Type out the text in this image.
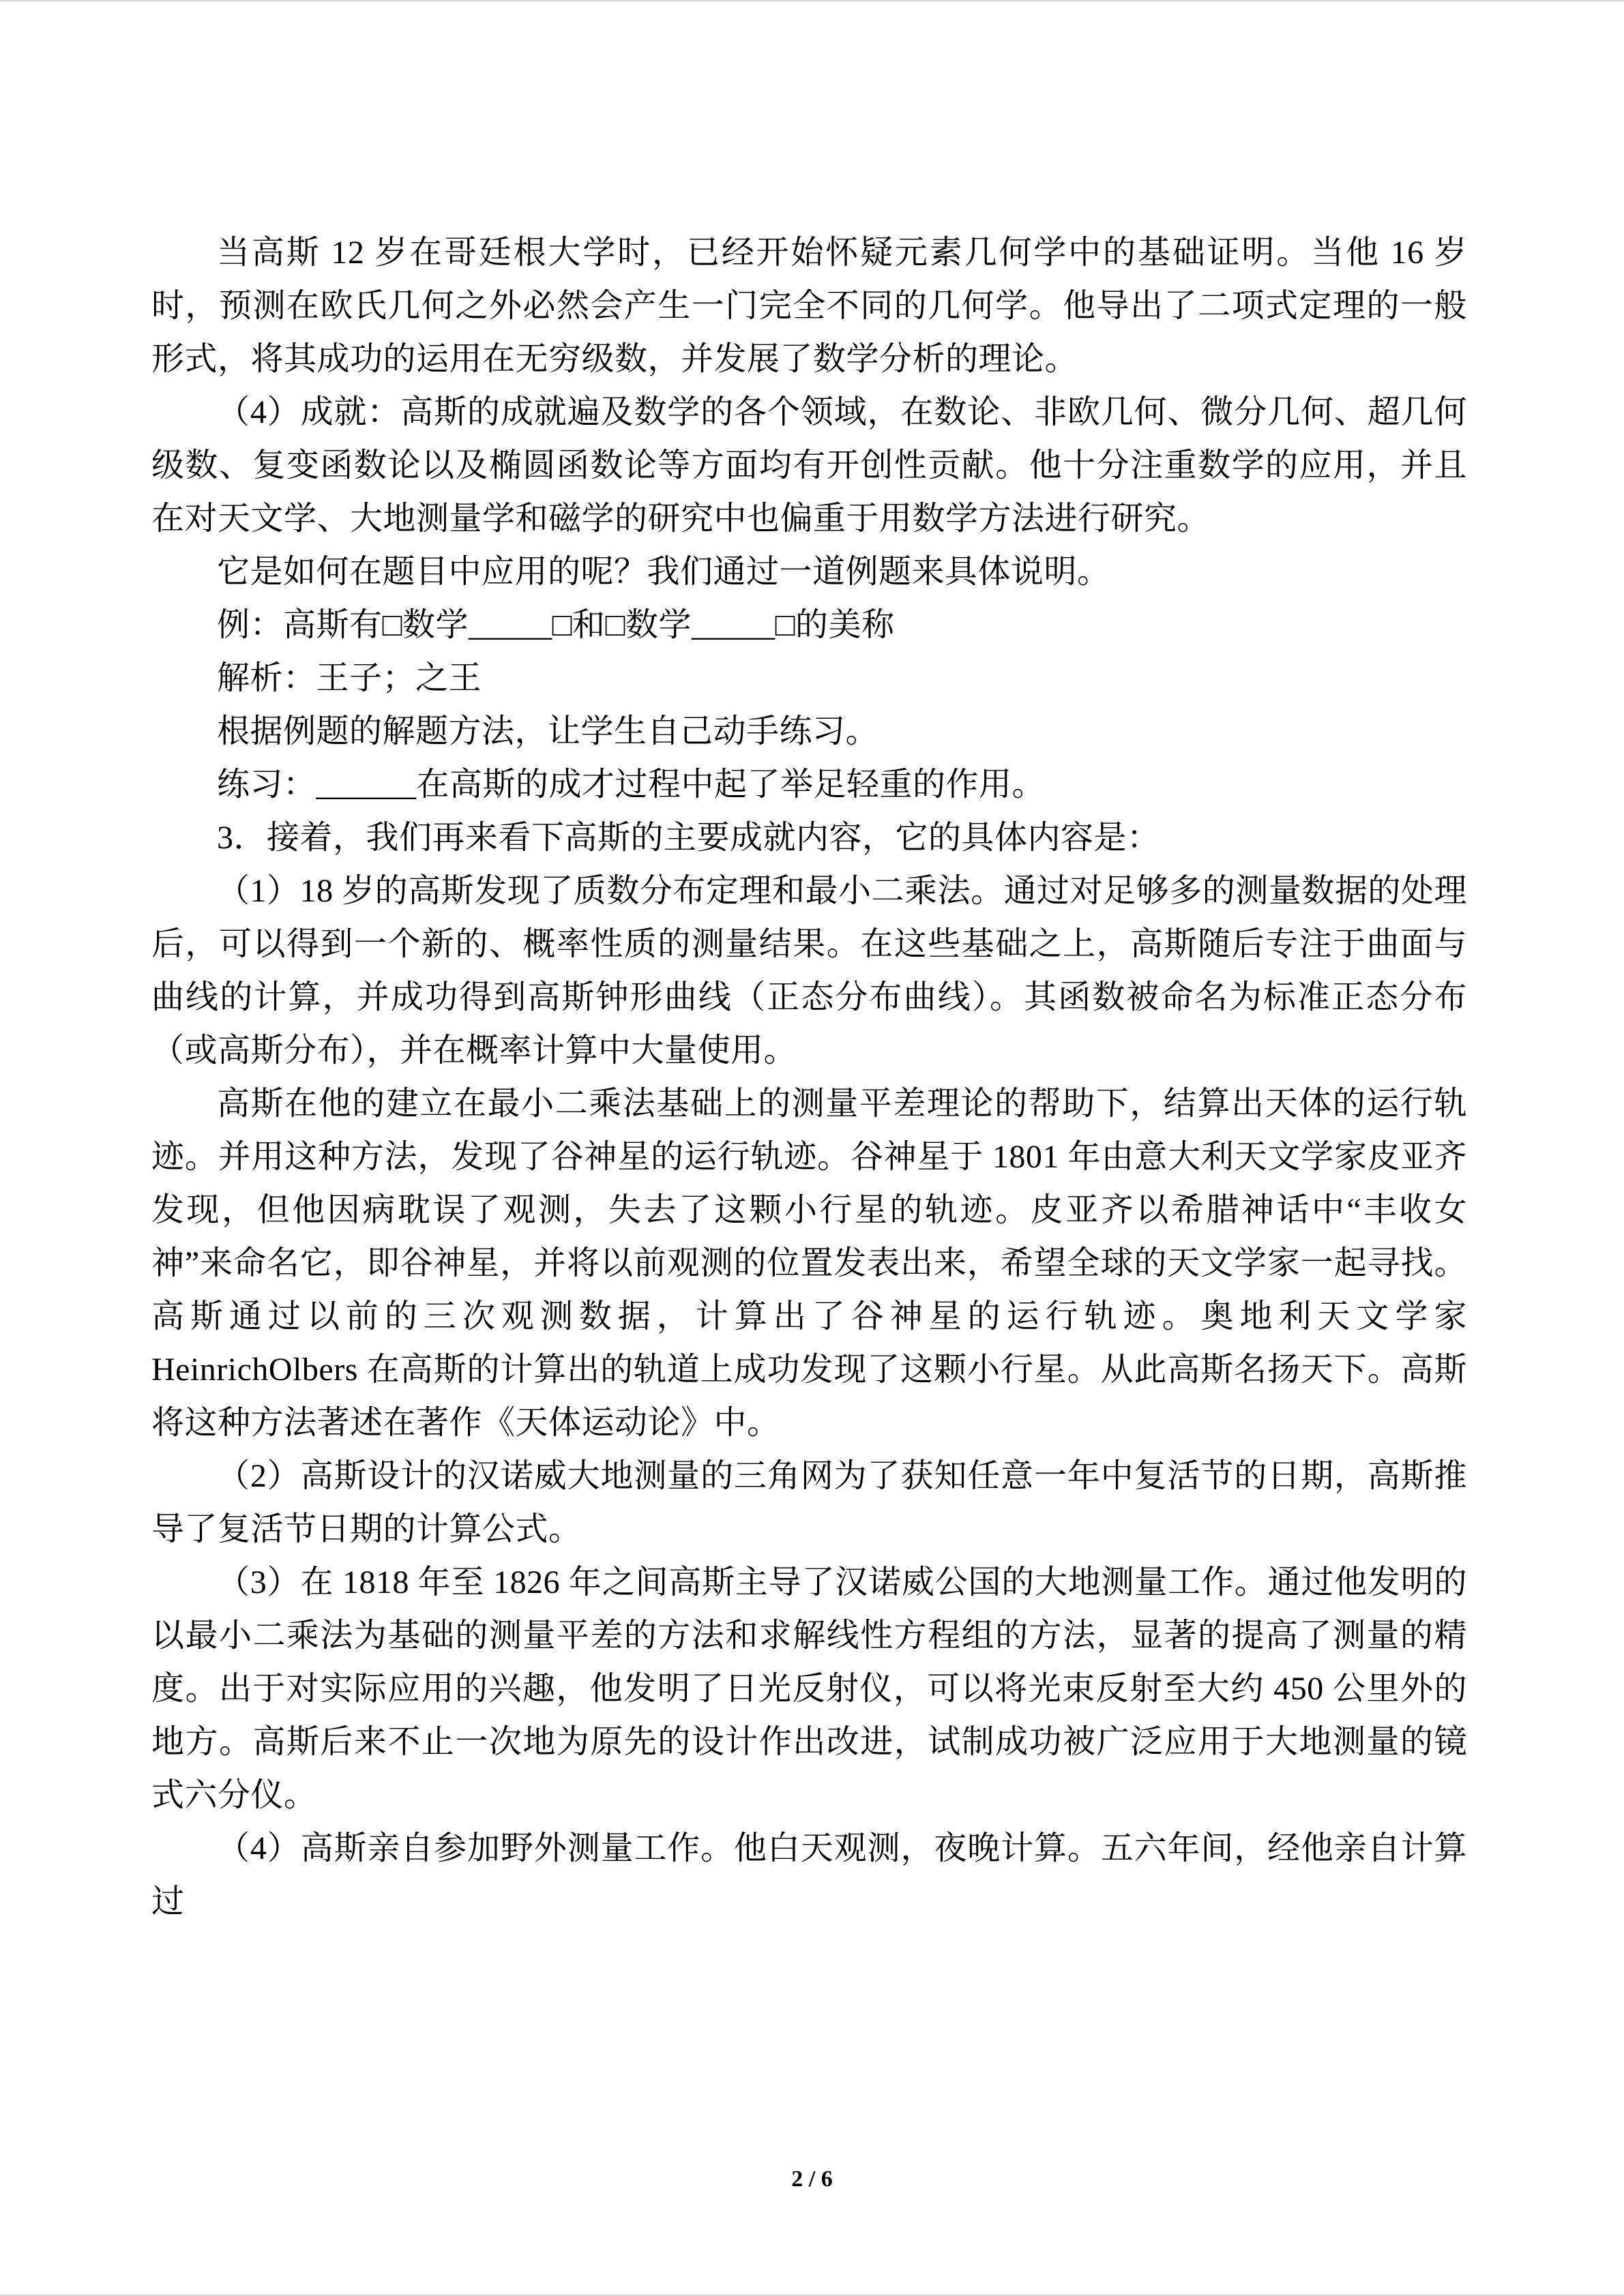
当高斯 12 岁在哥廷根大学时，已经开始怀疑元素几何学中的基础证明。当他 16 岁时，预测在欧氏几何之外必然会产生一门完全不同的几何学。他导出了二项式定理的一般形式，将其成功的运用在无穷级数，并发展了数学分析的理论。

（4）成就：高斯的成就遍及数学的各个领域，在数论、非欧几何、微分几何、超几何级数、复变函数论以及椭圆函数论等方面均有开创性贡献。他十分注重数学的应用，并且在对天文学、大地测量学和磁学的研究中也偏重于用数学方法进行研究。

它是如何在题目中应用的呢？我们通过一道例题来具体说明。

例：高斯有□数学_____□和□数学_____□的美称

解析：王子；之王

根据例题的解题方法，让学生自己动手练习。

练习：______在高斯的成才过程中起了举足轻重的作用。

3．接着，我们再来看下高斯的主要成就内容，它的具体内容是：

（1）18 岁的高斯发现了质数分布定理和最小二乘法。通过对足够多的测量数据的处理后，可以得到一个新的、概率性质的测量结果。在这些基础之上，高斯随后专注于曲面与曲线的计算，并成功得到高斯钟形曲线（正态分布曲线）。其函数被命名为标准正态分布（或高斯分布），并在概率计算中大量使用。

高斯在他的建立在最小二乘法基础上的测量平差理论的帮助下，结算出天体的运行轨迹。并用这种方法，发现了谷神星的运行轨迹。谷神星于 1801 年由意大利天文学家皮亚齐发现，但他因病耽误了观测，失去了这颗小行星的轨迹。皮亚齐以希腊神话中“丰收女神”来命名它，即谷神星，并将以前观测的位置发表出来，希望全球的天文学家一起寻找。高斯通过以前的三次观测数据，计算出了谷神星的运行轨迹。奥地利天文学家 HeinrichOlbers 在高斯的计算出的轨道上成功发现了这颗小行星。从此高斯名扬天下。高斯将这种方法著述在著作《天体运动论》中。

（2）高斯设计的汉诺威大地测量的三角网为了获知任意一年中复活节的日期，高斯推导了复活节日期的计算公式。

（3）在 1818 年至 1826 年之间高斯主导了汉诺威公国的大地测量工作。通过他发明的以最小二乘法为基础的测量平差的方法和求解线性方程组的方法，显著的提高了测量的精度。出于对实际应用的兴趣，他发明了日光反射仪，可以将光束反射至大约 450 公里外的地方。高斯后来不止一次地为原先的设计作出改进，试制成功被广泛应用于大地测量的镜式六分仪。

（4）高斯亲自参加野外测量工作。他白天观测，夜晚计算。五六年间，经他亲自计算过

2 / 6
